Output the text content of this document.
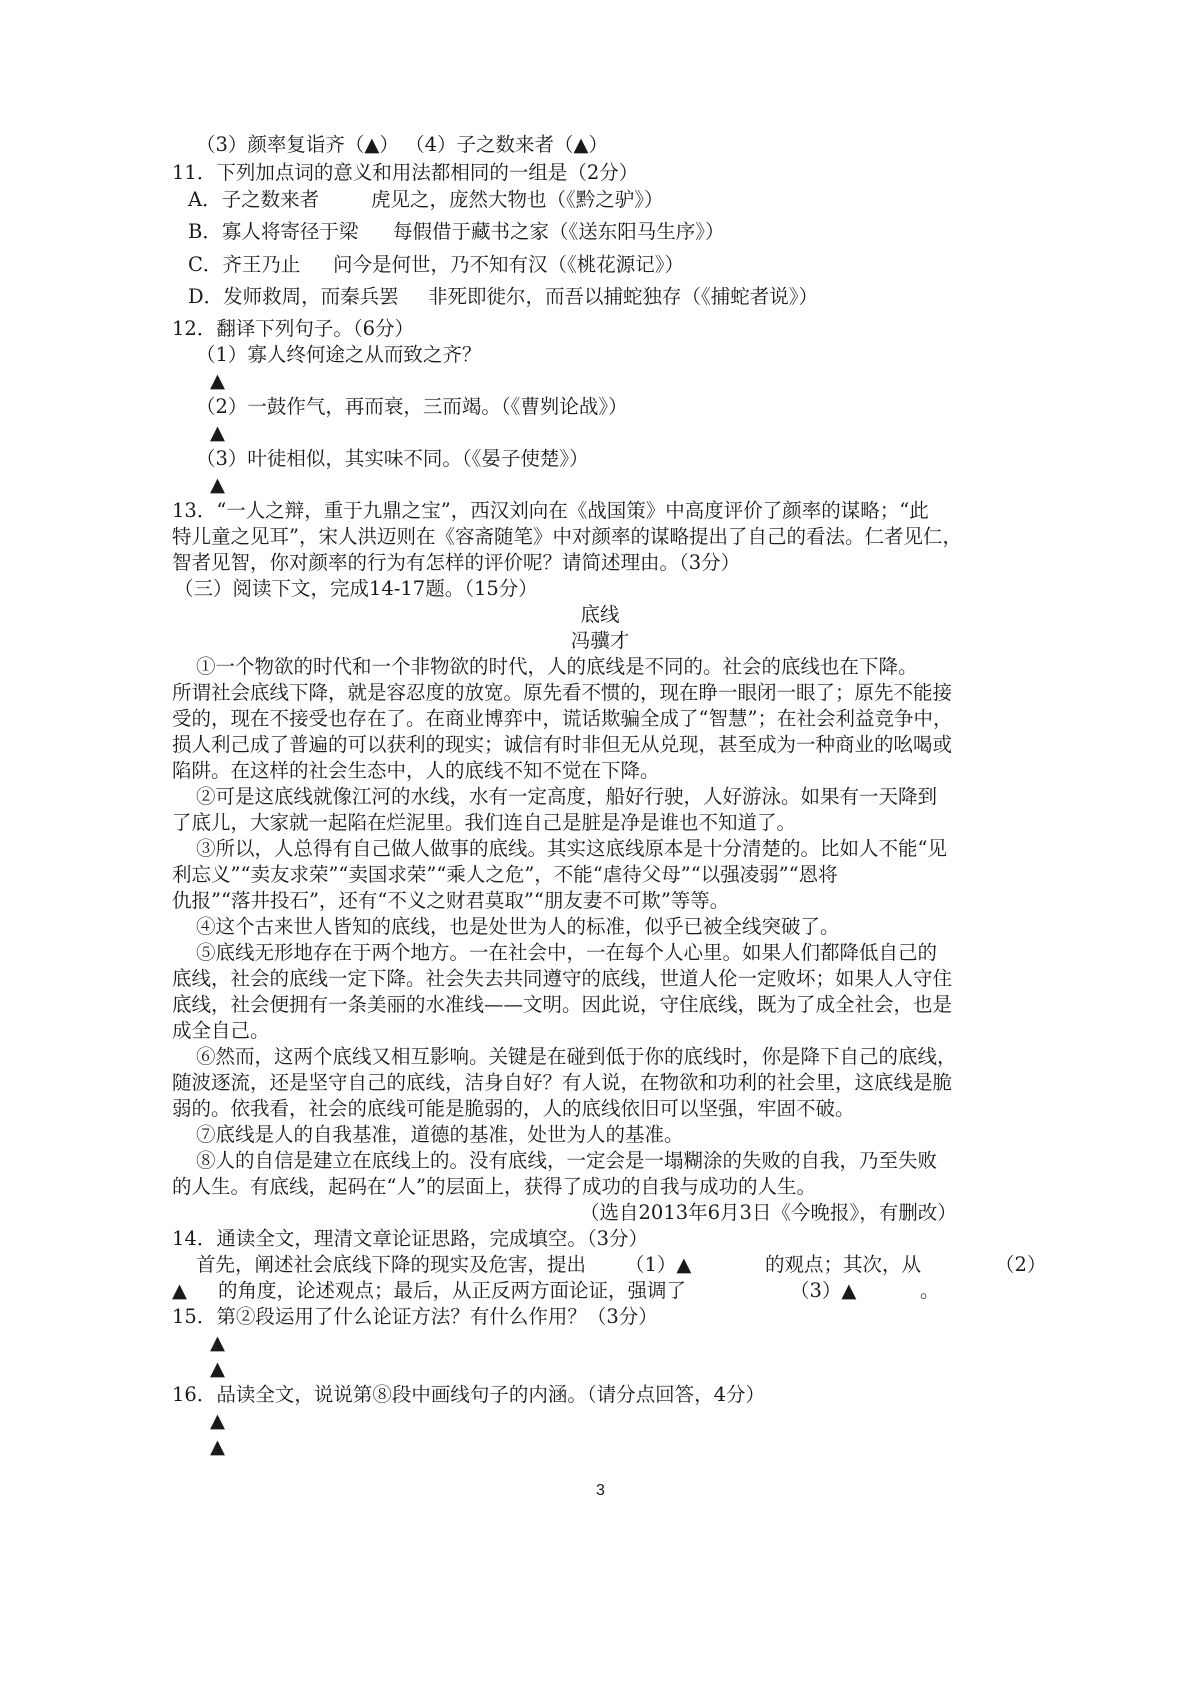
（3）颜率复诣齐（▲） （4）子之数来者（▲）
11．下列加点词的意义和用法都相同的一组是（2分）
A．子之数来者	虎见之，庞然大物也（《黔之驴》）
B．寡人将寄径于梁 每假借于藏书之家（《送东阳马生序》）
C．齐王乃止 问今是何世，乃不知有汉（《桃花源记》）
D．发师救周，而秦兵罢 非死即徙尔，而吾以捕蛇独存（《捕蛇者说》）
12．翻译下列句子。（6分）
（1）寡人终何途之从而致之齐？
▲
（2）一鼓作气，再而衰，三而竭。（《曹刿论战》）
▲
（3）叶徒相似，其实味不同。（《晏子使楚》）
▲
13．“一人之辩，重于九鼎之宝”，西汉刘向在《战国策》中高度评价了颜率的谋略；“此
特儿童之见耳”，宋人洪迈则在《容斋随笔》中对颜率的谋略提出了自己的看法。仁者见仁，
智者见智，你对颜率的行为有怎样的评价呢？请简述理由。（3分）
（三）阅读下文，完成14-17题。（15分）
底线
冯骥才
①一个物欲的时代和一个非物欲的时代，人的底线是不同的。社会的底线也在下降。
所谓社会底线下降，就是容忍度的放宽。原先看不惯的，现在睁一眼闭一眼了；原先不能接
受的，现在不接受也存在了。在商业博弈中，谎话欺骗全成了“智慧”；在社会利益竞争中，
损人利己成了普遍的可以获利的现实；诚信有时非但无从兑现，甚至成为一种商业的吆喝或
陷阱。在这样的社会生态中，人的底线不知不觉在下降。
②可是这底线就像江河的水线，水有一定高度，船好行驶，人好游泳。如果有一天降到
了底儿，大家就一起陷在烂泥里。我们连自己是脏是净是谁也不知道了。
③所以，人总得有自己做人做事的底线。其实这底线原本是十分清楚的。比如人不能“见
利忘义”“卖友求荣”“卖国求荣”“乘人之危”，不能“虐待父母”“以强凌弱”“恩将
仇报”“落井投石”，还有“不义之财君莫取”“朋友妻不可欺”等等。
④这个古来世人皆知的底线，也是处世为人的标准，似乎已被全线突破了。
⑤底线无形地存在于两个地方。一在社会中，一在每个人心里。如果人们都降低自己的
底线，社会的底线一定下降。社会失去共同遵守的底线，世道人伦一定败坏；如果人人守住
底线，社会便拥有一条美丽的水准线——文明。因此说，守住底线，既为了成全社会，也是
成全自己。
⑥然而，这两个底线又相互影响。关键是在碰到低于你的底线时，你是降下自己的底线，
随波逐流，还是坚守自己的底线，洁身自好？有人说，在物欲和功利的社会里，这底线是脆
弱的。依我看，社会的底线可能是脆弱的，人的底线依旧可以坚强，牢固不破。
⑦底线是人的自我基准，道德的基准，处世为人的基准。
⑧人的自信是建立在底线上的。没有底线，一定会是一塌糊涂的失败的自我，乃至失败
的人生。有底线，起码在“人”的层面上，获得了成功的自我与成功的人生。
（选自2013年6月3日《今晚报》，有删改）
14．通读全文，理清文章论证思路，完成填空。（3分）
首先，阐述社会底线下降的现实及危害，提出 （1）▲	的观点；其次，从	（2）
▲ 的角度，论述观点；最后，从正反两方面论证，强调了	（3）▲	。
15．第②段运用了什么论证方法？有什么作用？（3分）
▲
▲
16．品读全文，说说第⑧段中画线句子的内涵。（请分点回答，4分）
▲
▲
3
